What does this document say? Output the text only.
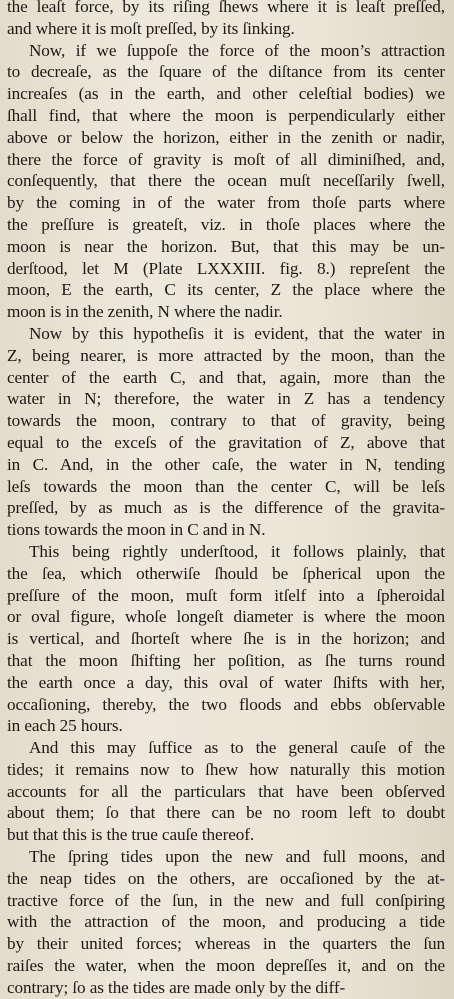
the leaſt force, by its riſing ſhews where it is leaſt preſſed,
and where it is moſt preſſed, by its ſinking.

Now, if we ſuppoſe the force of the moon’s attraction
to decreaſe, as the ſquare of the diſtance from its center
increaſes (as in the earth, and other celeſtial bodies) we
ſhall find, that where the moon is perpendicularly either
above or below the horizon, either in the zenith or nadir,
there the force of gravity is moſt of all diminiſhed, and,
conſequently, that there the ocean muſt neceſſarily ſwell,
by the coming in of the water from thoſe parts where
the preſſure is greateſt, viz. in thoſe places where the
moon is near the horizon. But, that this may be un-
derſtood, let M (Plate LXXXIII. fig. 8.) repreſent the
moon, E the earth, C its center, Z the place where the
moon is in the zenith, N where the nadir.

Now by this hypotheſis it is evident, that the water in
Z, being nearer, is more attracted by the moon, than the
center of the earth C, and that, again, more than the
water in N; therefore, the water in Z has a tendency
towards the moon, contrary to that of gravity, being
equal to the exceſs of the gravitation of Z, above that
in C. And, in the other caſe, the water in N, tending
leſs towards the moon than the center C, will be leſs
preſſed, by as much as is the difference of the gravita-
tions towards the moon in C and in N.

This being rightly underſtood, it follows plainly, that
the ſea, which otherwiſe ſhould be ſpherical upon the
preſſure of the moon, muſt form itſelf into a ſpheroidal
or oval figure, whoſe longeſt diameter is where the moon
is vertical, and ſhorteſt where ſhe is in the horizon; and
that the moon ſhifting her poſition, as ſhe turns round
the earth once a day, this oval of water ſhifts with her,
occaſioning, thereby, the two floods and ebbs obſervable
in each 25 hours.

And this may ſuffice as to the general cauſe of the
tides; it remains now to ſhew how naturally this motion
accounts for all the particulars that have been obſerved
about them; ſo that there can be no room left to doubt
but that this is the true cauſe thereof.

The ſpring tides upon the new and full moons, and
the neap tides on the others, are occaſioned by the at-
tractive force of the ſun, in the new and full conſpiring
with the attraction of the moon, and producing a tide
by their united forces; whereas in the quarters the ſun
raiſes the water, when the moon depreſſes it, and on the
contrary; ſo as the tides are made only by the diff-
